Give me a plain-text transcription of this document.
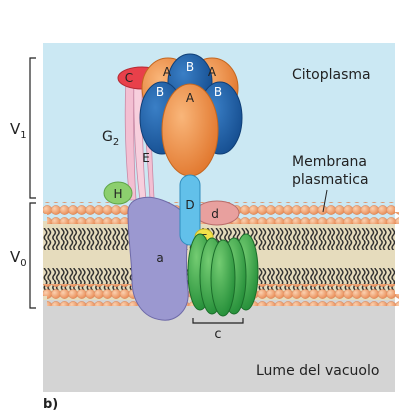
a
H
C
d
A B A
B A B
E
D
c
$V_1$
$V_0$
$G_2$
Citoplasma
Membrana
plasmatica
Lume del vacuolo
b)
